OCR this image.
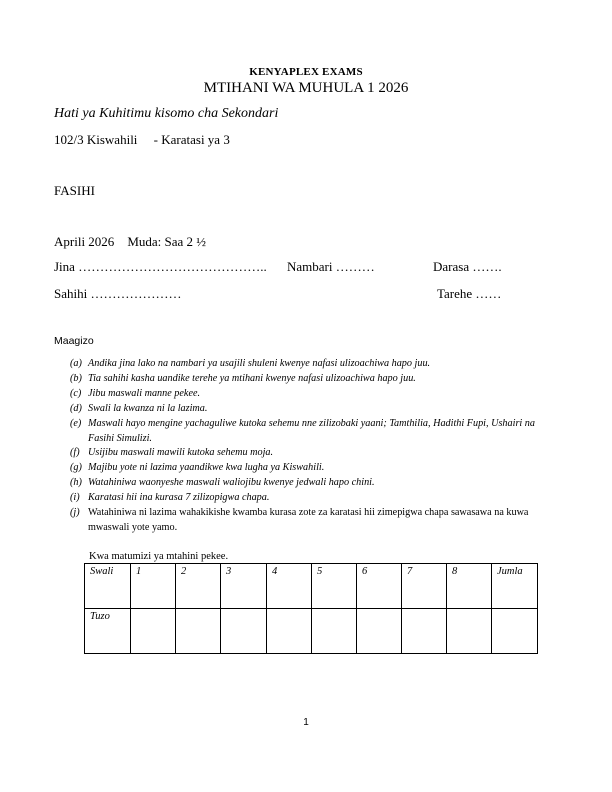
KENYAPLEX EXAMS
MTIHANI WA MUHULA 1 2026
Hati ya Kuhitimu kisomo cha Sekondari
102/3 Kiswahili - Karatasi ya 3
FASIHI
Aprili 2026 Muda: Saa 2 ½
Jina …………………………………….. Nambari ………	Darasa …….
Sahihi …………………	Tarehe ……
Maagizo
(a) Andika jina lako na nambari ya usajili shuleni kwenye nafasi ulizoachiwa hapo juu.
(b) Tia sahihi kasha uandike terehe ya mtihani kwenye nafasi ulizoachiwa hapo juu.
(c) Jibu maswali manne pekee.
(d) Swali la kwanza ni la lazima.
(e) Maswali hayo mengine yachaguliwe kutoka sehemu nne zilizobaki yaani; Tamthilia, Hadithi Fupi, Ushairi na Fasihi Simulizi.
(f) Usijibu maswali mawili kutoka sehemu moja.
(g) Majibu yote ni lazima yaandikwe kwa lugha ya Kiswahili.
(h) Watahiniwa waonyeshe maswali waliojibu kwenye jedwali hapo chini.
(i) Karatasi hii ina kurasa 7 zilizopigwa chapa.
(j) Watahiniwa ni lazima wahakikishe kwamba kurasa zote za karatasi hii zimepigwa chapa sawasawa na kuwa mwaswali yote yamo.
Kwa matumizi ya mtahini pekee.
Swali	1	2	3	4	5	6	7	8	Jumla
Tuzo									
1
